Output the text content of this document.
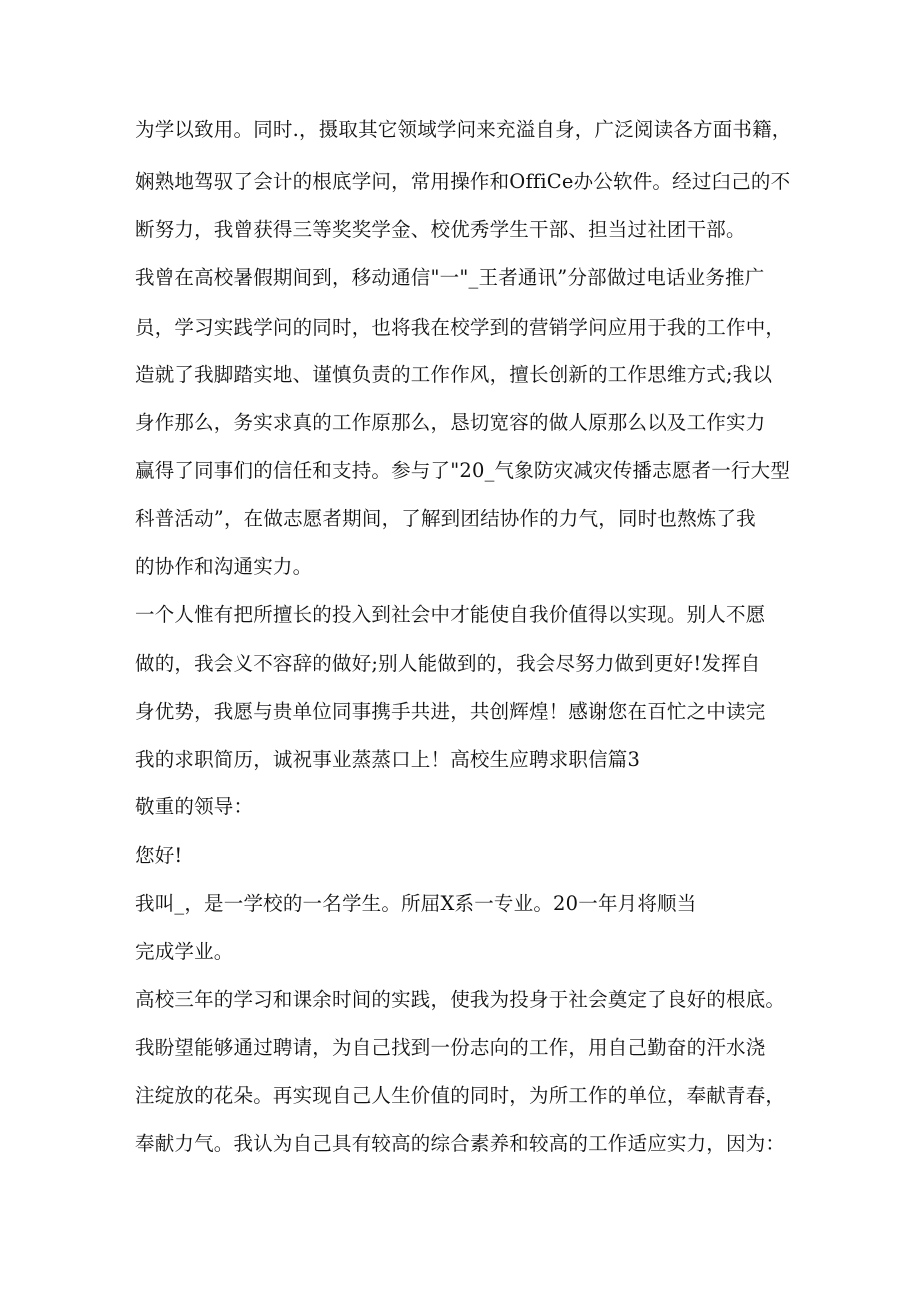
为学以致用。同时.，摄取其它领域学问来充溢自身，广泛阅读各方面书籍，

娴熟地驾驭了会计的根底学问，常用操作和OffiCe办公软件。经过臼己的不

断努力，我曾获得三等奖奖学金、校优秀学生干部、担当过社团干部。

我曾在高校暑假期间到，移动通信"一"_王者通讯”分部做过电话业务推广

员，学习实践学问的同时，也将我在校学到的营销学问应用于我的工作中，

造就了我脚踏实地、谨慎负责的工作作风，擅长创新的工作思维方式;我以

身作那么，务实求真的工作原那么，恳切宽容的做人原那么以及工作实力

赢得了同事们的信任和支持。参与了"20_气象防灾减灾传播志愿者一行大型

科普活动”，在做志愿者期间，了解到团结协作的力气，同时也熬炼了我

的协作和沟通实力。

一个人惟有把所擅长的投入到社会中才能使自我价值得以实现。别人不愿

做的，我会义不容辞的做好;别人能做到的，我会尽努力做到更好!发挥自

身优势，我愿与贵单位同事携手共进，共创辉煌！感谢您在百忙之中读完

我的求职简历，诚祝事业蒸蒸口上！高校生应聘求职信篇3

敬重的领导：

您好!

我叫_，是一学校的一名学生。所屈X系一专业。20一年月将顺当

完成学业。

高校三年的学习和课余时间的实践，使我为投身于社会奠定了良好的根底。

我盼望能够通过聘请，为自己找到一份志向的工作，用自己勤奋的汗水浇

注绽放的花朵。再实现自己人生价值的同时，为所工作的单位，奉献青春，

奉献力气。我认为自己具有较高的综合素养和较高的工作适应实力，因为：
